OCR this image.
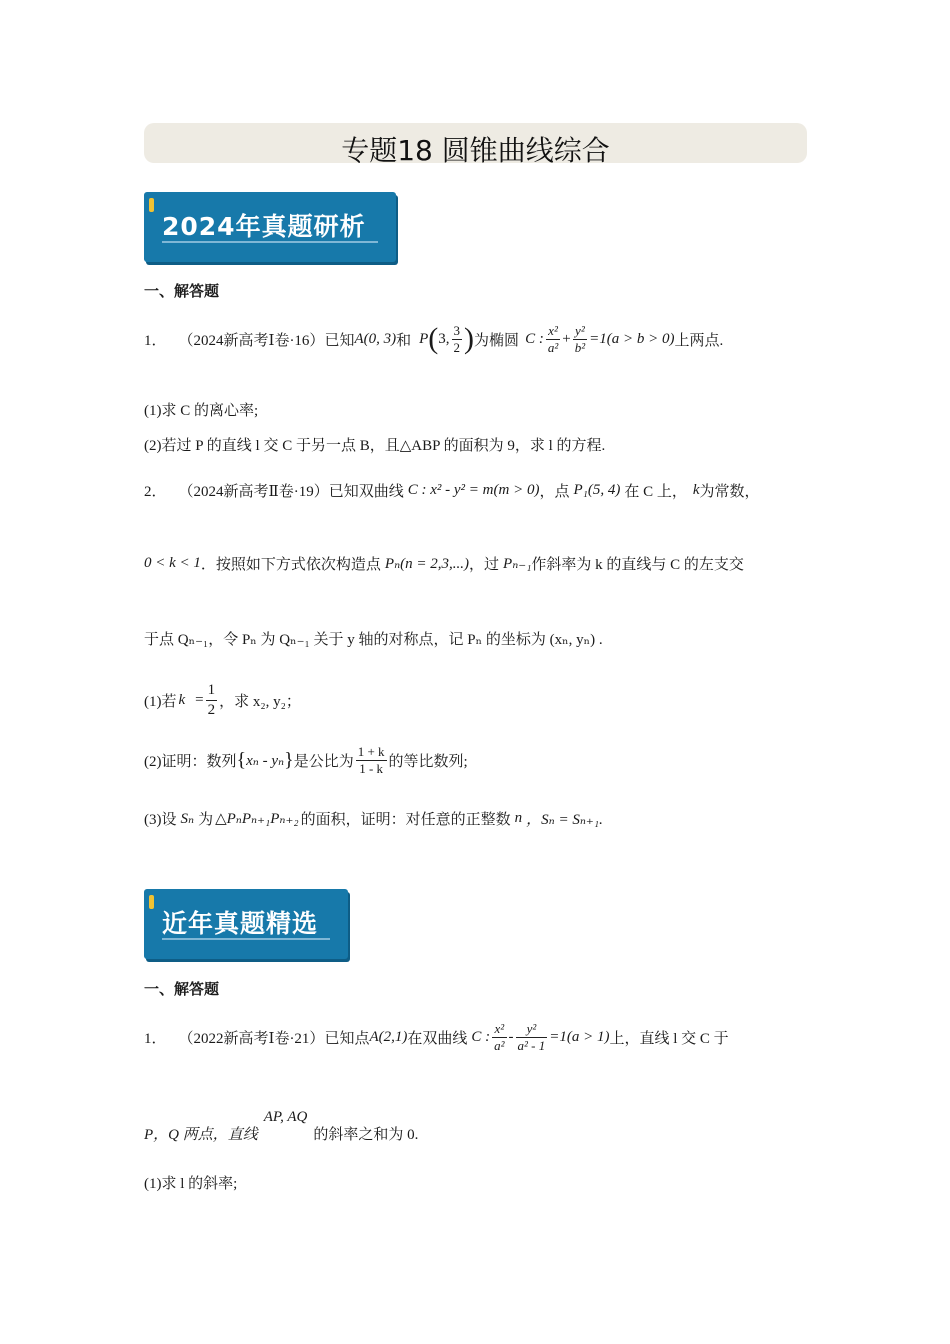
专题18 圆锥曲线综合
2024年真题研析
一、解答题
1． （2024新高考Ⅰ卷·16） 已知 A(0, 3) 和 P ( 3, $\frac{3}{2}$ ) 为椭圆 C : $\frac{\text{x²}}{\text{a²}} + \frac{\text{y²}}{\text{b²}} =1(a > b > 0)$ 上两点.
(1)求 C 的离心率;
(2)若过 P 的直线 l 交 C 于另一点 B，且△ABP 的面积为 9，求 l 的方程.
2． （2024新高考Ⅱ卷·19） 已知双曲线 C : x² - y² = m(m > 0) ，点 P₁(5, 4) 在 C 上， k 为常数，
0 < k < 1 ．按照如下方式依次构造点 Pₙ(n = 2,3,...) ，过 Pₙ₋₁ 作斜率为 k 的直线与 C 的左支交
于点 Qₙ₋₁，令 Pₙ 为 Qₙ₋₁ 关于 y 轴的对称点，记 Pₙ 的坐标为 (xₙ, yₙ) .
(1)若 $k = \frac{1}{2}$ ，求 x₂, y₂；
(2)证明：数列 { xₙ - yₙ } 是公比为 $\frac{1 + k}{1 - k}$ 的等比数列;
(3)设 Sₙ 为 △PₙPₙ₊₁Pₙ₊₂ 的面积，证明：对任意的正整数 n ，Sₙ = Sₙ₊₁.
近年真题精选
一、解答题
1． （2022新高考Ⅰ卷·21） 已知点 A(2,1) 在双曲线 C : $\frac{\text{x²}}{\text{a²}} - \frac{\text{y²}}{\text{a² - 1}} =1(a > 1)$ 上，直线 l 交 C 于
P，Q 两点，直线
AP, AQ
的斜率之和为 0.
(1)求 l 的斜率;
